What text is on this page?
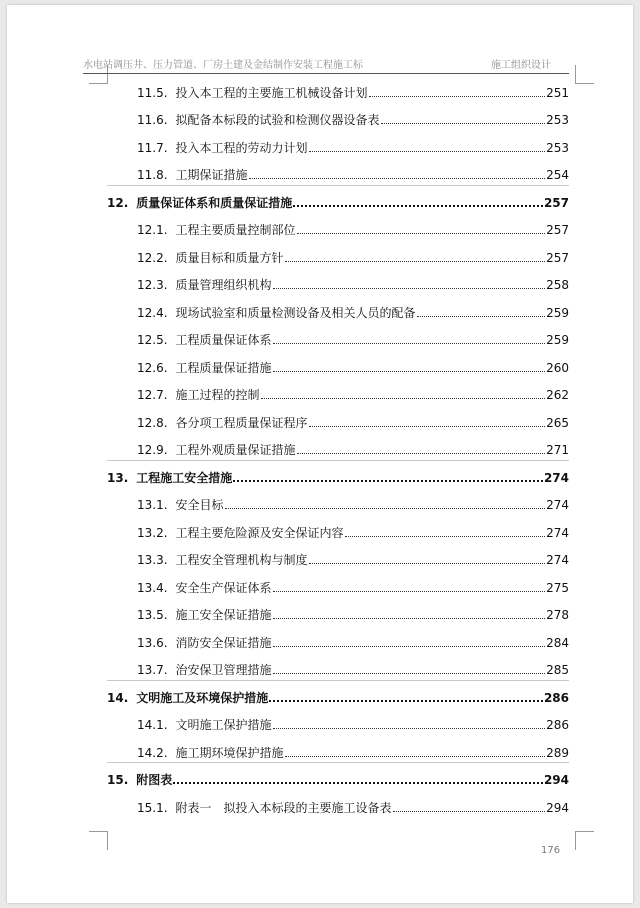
水电站调压井、压力管道、厂房土建及金结制作安装工程施工标	施工组织设计
11.5. 投入本工程的主要施工机械设备计划	251
11.6. 拟配备本标段的试验和检测仪器设备表	253
11.7. 投入本工程的劳动力计划	253
11.8. 工期保证措施	254
12. 质量保证体系和质量保证措施	257
12.1. 工程主要质量控制部位	257
12.2. 质量目标和质量方针	257
12.3. 质量管理组织机构	258
12.4. 现场试验室和质量检测设备及相关人员的配备	259
12.5. 工程质量保证体系	259
12.6. 工程质量保证措施	260
12.7. 施工过程的控制	262
12.8. 各分项工程质量保证程序	265
12.9. 工程外观质量保证措施	271
13. 工程施工安全措施	274
13.1. 安全目标	274
13.2. 工程主要危险源及安全保证内容	274
13.3. 工程安全管理机构与制度	274
13.4. 安全生产保证体系	275
13.5. 施工安全保证措施	278
13.6. 消防安全保证措施	284
13.7. 治安保卫管理措施	285
14. 文明施工及环境保护措施	286
14.1. 文明施工保护措施	286
14.2. 施工期环境保护措施	289
15. 附图表	294
15.1. 附表一　拟投入本标段的主要施工设备表	294
176
